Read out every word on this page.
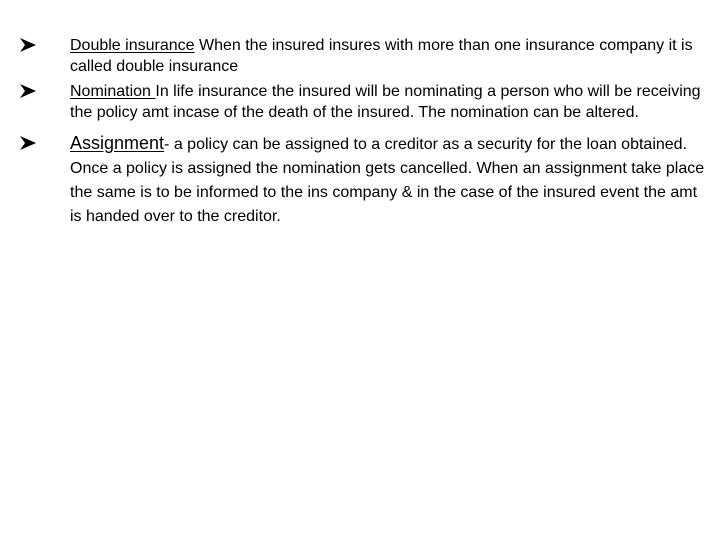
Double insurance When the insured insures with more than one insurance company it is called double insurance
Nomination In life insurance the insured will be nominating a person who will be receiving the policy amt incase of the death of the insured. The nomination can be altered.
Assignment- a policy can be assigned to a creditor as a security for the loan obtained. Once a policy is assigned the nomination gets cancelled. When an assignment take place the same is to be informed to the ins company & in the case of the insured event the amt is handed over to the creditor.
